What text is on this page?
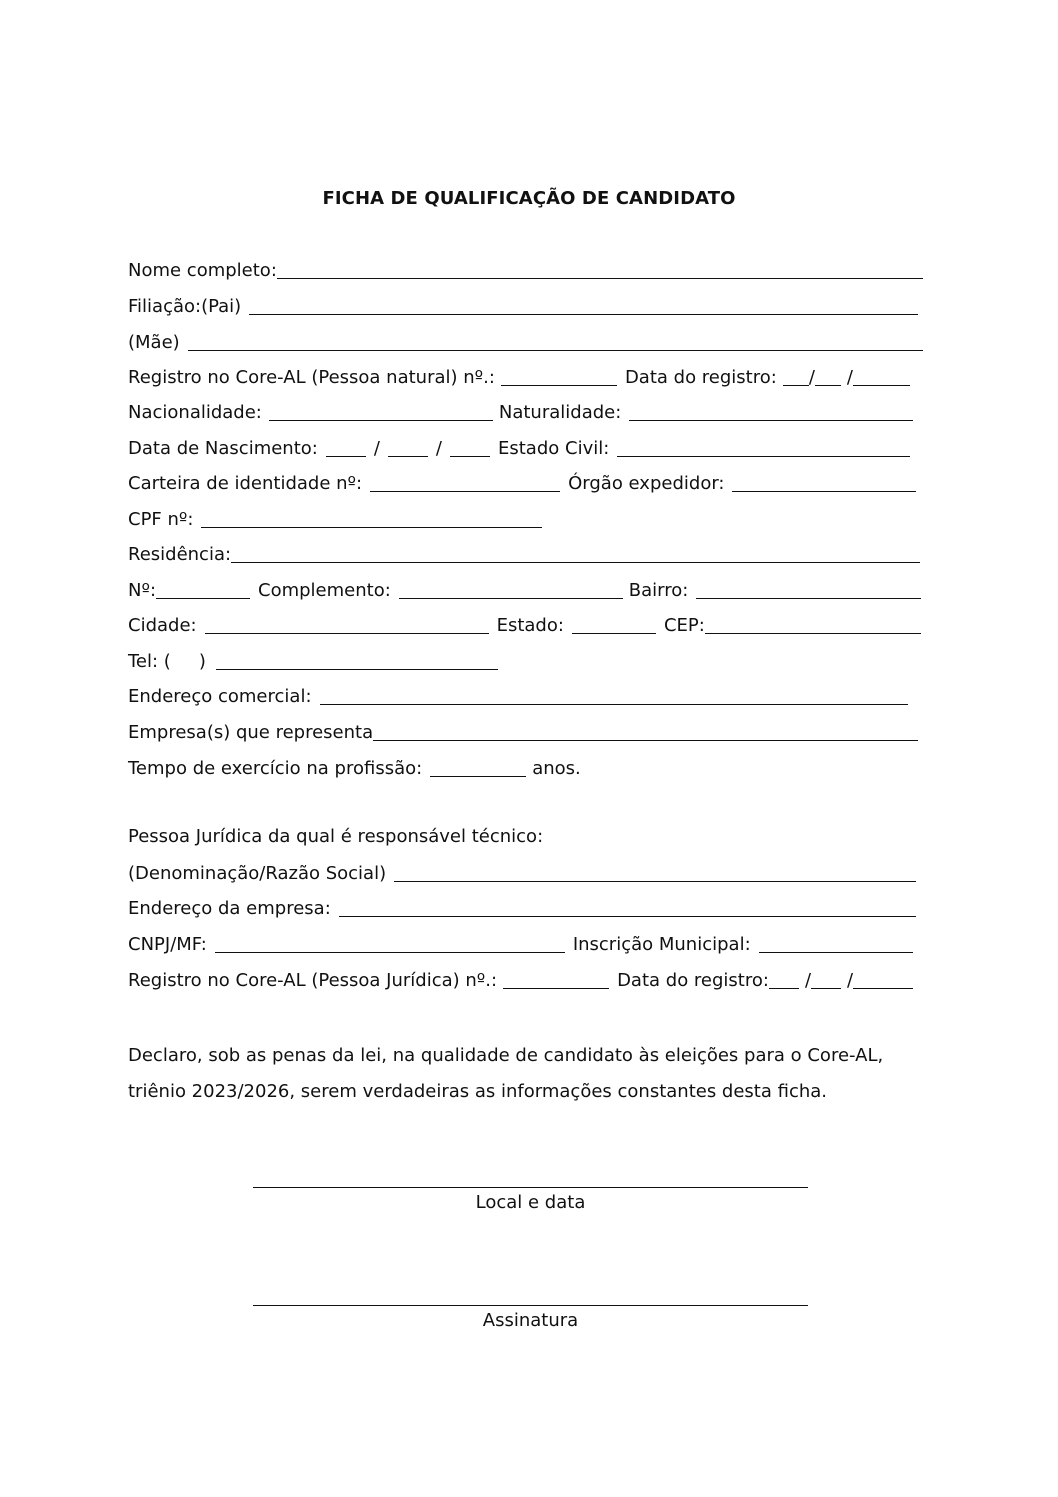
FICHA DE QUALIFICAÇÃO DE CANDIDATO
Nome completo:
Filiação:(Pai)
(Mãe)
Registro no Core-AL (Pessoa natural) nº.:	Data do registro: / /
Nacionalidade:	Naturalidade:
Data de Nascimento:	/	/	Estado Civil:
Carteira de identidade nº:	Órgão expedidor:
CPF nº:
Residência:
Nº:	Complemento:	Bairro:
Cidade:	Estado:	CEP:
Tel: ( )
Endereço comercial:
Empresa(s) que representa
Tempo de exercício na profissão:	anos.
Pessoa Jurídica da qual é responsável técnico:
(Denominação/Razão Social)
Endereço da empresa:
CNPJ/MF:	Inscrição Municipal:
Registro no Core-AL (Pessoa Jurídica) nº.:	Data do registro: / /
Declaro, sob as penas da lei, na qualidade de candidato às eleições para o Core-AL, triênio 2023/2026, serem verdadeiras as informações constantes desta ficha.
Local e data
Assinatura
